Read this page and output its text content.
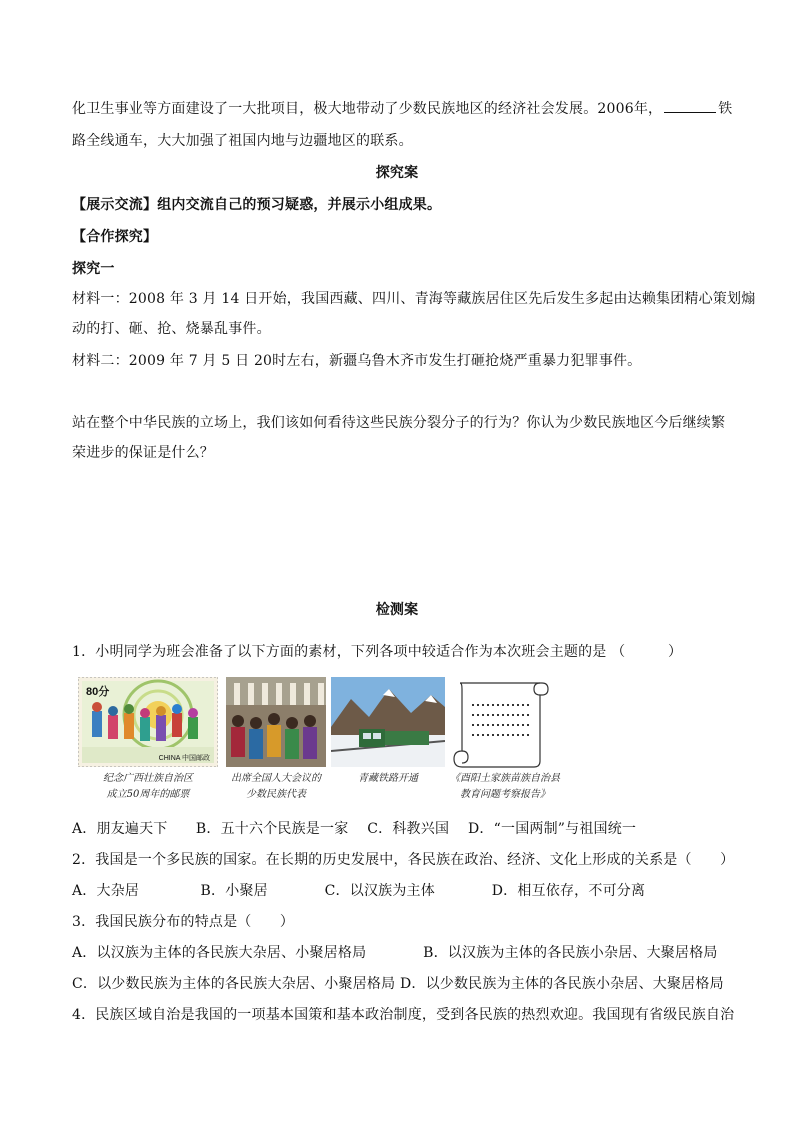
化卫生事业等方面建设了一大批项目，极大地带动了少数民族地区的经济社会发展。2006年，	铁
路全线通车，大大加强了祖国内地与边疆地区的联系。
探究案
【展示交流】组内交流自己的预习疑惑，并展示小组成果。
【合作探究】
探究一
材料一：2008 年 3 月 14 日开始，我国西藏、四川、青海等藏族居住区先后发生多起由达赖集团精心策划煽
动的打、砸、抢、烧暴乱事件。
材料二：2009 年 7 月 5 日 20时左右，新疆乌鲁木齐市发生打砸抢烧严重暴力犯罪事件。
站在整个中华民族的立场上，我们该如何看待这些民族分裂分子的行为？你认为少数民族地区今后继续繁
荣进步的保证是什么？
检测案
1．小明同学为班会准备了以下方面的素材，下列各项中较适合作为本次班会主题的是 （　　　）
80分
CHINA 中国邮政
纪念广西壮族自治区
成立50周年的邮票
出席全国人大会议的
少数民族代表
青藏铁路开通	《酉阳土家族苗族自治县
教育问题考察报告》
A．朋友遍天下　　B．五十六个民族是一家　 C．科教兴国　 D．“一国两制”与祖国统一
2．我国是一个多民族的国家。在长期的历史发展中，各民族在政治、经济、文化上形成的关系是（　　）
A．大杂居　　　　 B．小聚居　　　　C．以汉族为主体　　　　D．相互依存，不可分离
3．我国民族分布的特点是（　　）
A．以汉族为主体的各民族大杂居、小聚居格局　　　　B．以汉族为主体的各民族小杂居、大聚居格局
C．以少数民族为主体的各民族大杂居、小聚居格局 D．以少数民族为主体的各民族小杂居、大聚居格局
4．民族区域自治是我国的一项基本国策和基本政治制度，受到各民族的热烈欢迎。我国现有省级民族自治
